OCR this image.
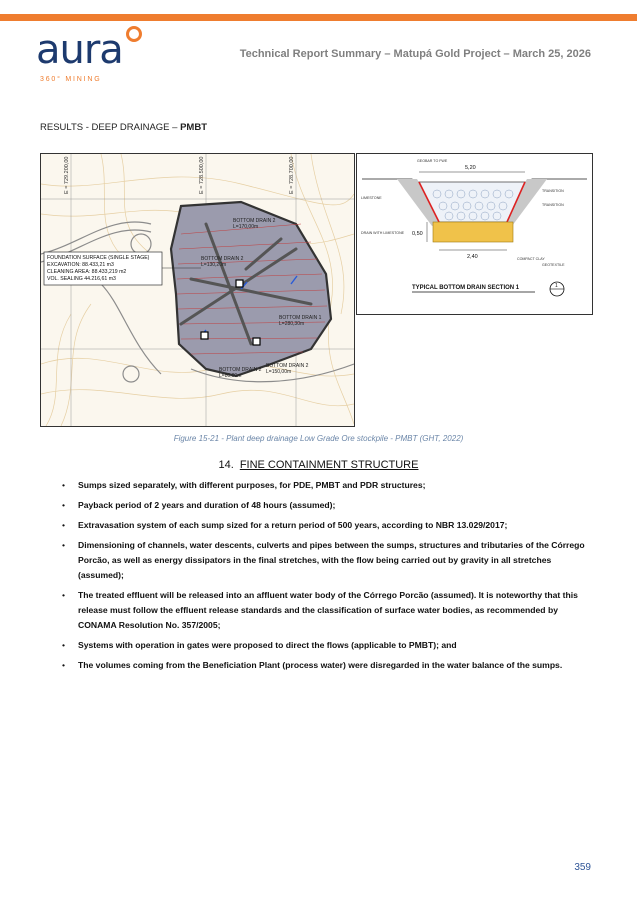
aura
360° MINING
Technical Report Summary – Matupá Gold Project – March 25, 2026
RESULTS - DEEP DRAINAGE – PMBT
E = 729.200,00	E = 728.500,00	E = 728.700,00
BOTTOM DRAIN 2
L=170,00m
BOTTOM DRAIN 2
L=130,20m
BOTTOM DRAIN 1
L=280,30m
BOTTOM DRAIN 2
L=80,00m
BOTTOM DRAIN 2
L=150,00m
FOUNDATION SURFACE (SINGLE STAGE)
EXCAVATION: 88.433,21 m3
CLEANING AREA: 88.433,219 m2
VOL. SEALING 44.216,61 m3
5,20
2,40
0,50
GEOBAR TO FWE
LIMESTONE
DRAIN WITH LIMESTONE
COMPACT CLAY
TRANSITION
TRANSITION
GEOTEXTILE
TYPICAL BOTTOM DRAIN SECTION 1	1
Figure 15-21 - Plant deep drainage Low Grade Ore stockpile - PMBT (GHT, 2022)
14. FINE CONTAINMENT STRUCTURE
• Sumps sized separately, with different purposes, for PDE, PMBT and PDR structures;
• Payback period of 2 years and duration of 48 hours (assumed);
• Extravasation system of each sump sized for a return period of 500 years, according to NBR 13.029/2017;
• Dimensioning of channels, water descents, culverts and pipes between the sumps, structures and tributaries of the Córrego Porcão, as well as energy dissipators in the final stretches, with the flow being carried out by gravity in all stretches (assumed);
• The treated effluent will be released into an affluent water body of the Córrego Porcão (assumed). It is noteworthy that this release must follow the effluent release standards and the classification of surface water bodies, as recommended by CONAMA Resolution No. 357/2005;
• Systems with operation in gates were proposed to direct the flows (applicable to PMBT); and
• The volumes coming from the Beneficiation Plant (process water) were disregarded in the water balance of the sumps.
359
